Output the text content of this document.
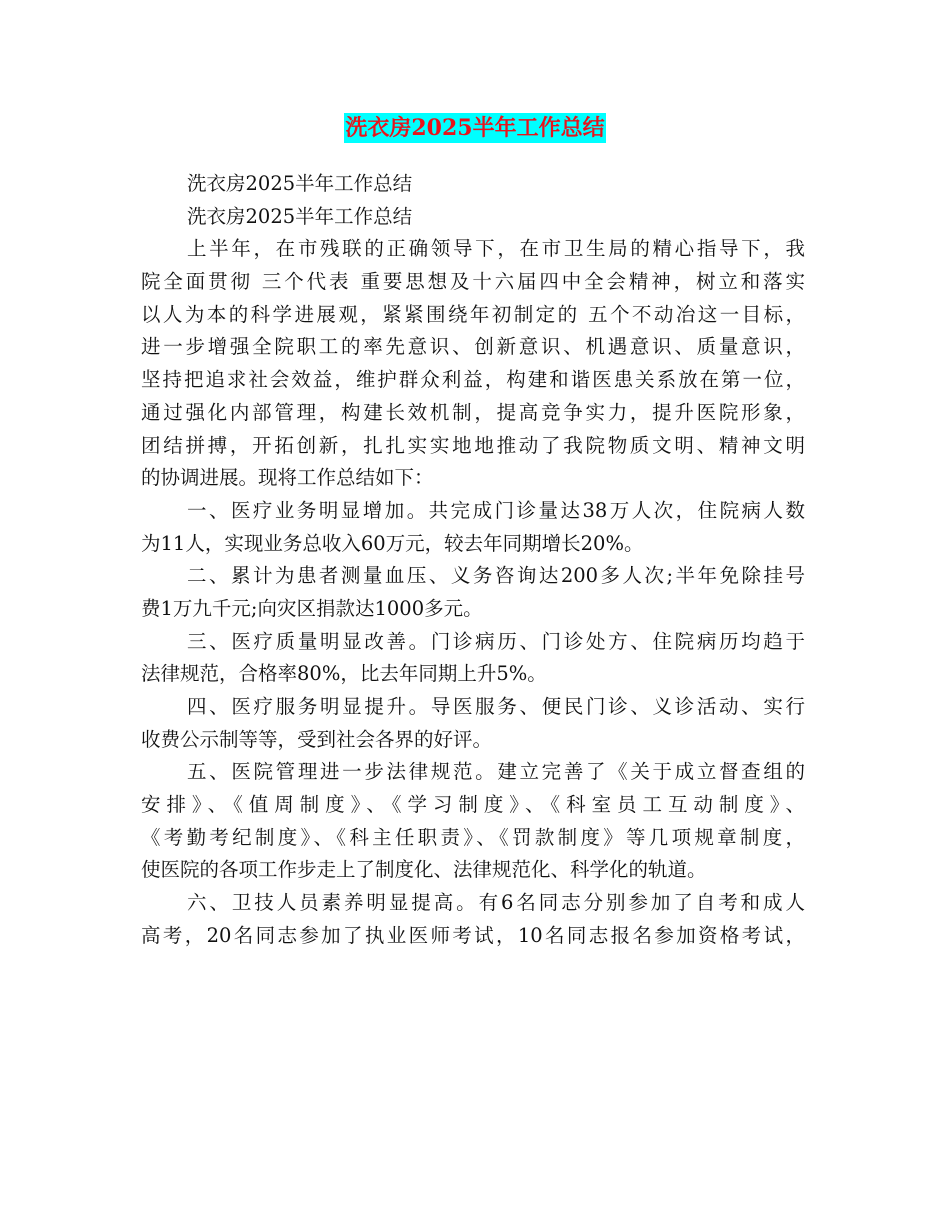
洗衣房2025半年工作总结
洗衣房2025半年工作总结
洗衣房2025半年工作总结
上半年，在市残联的正确领导下，在市卫生局的精心指导下，我
院全面贯彻 三个代表 重要思想及十六届四中全会精神，树立和落实
以人为本的科学进展观，紧紧围绕年初制定的 五个不动冶这一目标，
进一步增强全院职工的率先意识、创新意识、机遇意识、质量意识，
坚持把追求社会效益，维护群众利益，构建和谐医患关系放在第一位，
通过强化内部管理，构建长效机制，提高竞争实力，提升医院形象，
团结拼搏，开拓创新，扎扎实实地地推动了我院物质文明、精神文明
的协调进展。现将工作总结如下：
一、医疗业务明显增加。共完成门诊量达38万人次，住院病人数
为11人，实现业务总收入60万元，较去年同期增长20%。
二、累计为患者测量血压、义务咨询达200多人次;半年免除挂号
费1万九千元;向灾区捐款达1000多元。
三、医疗质量明显改善。门诊病历、门诊处方、住院病历均趋于
法律规范，合格率80%，比去年同期上升5%。
四、医疗服务明显提升。导医服务、便民门诊、义诊活动、实行
收费公示制等等，受到社会各界的好评。
五、医院管理进一步法律规范。建立完善了《关于成立督查组的
安排》、《值周制度》、《学习制度》、《科室员工互动制度》、
《考勤考纪制度》、《科主任职责》、《罚款制度》等几项规章制度，
使医院的各项工作步走上了制度化、法律规范化、科学化的轨道。
六、卫技人员素养明显提高。有6名同志分别参加了自考和成人
高考，20名同志参加了执业医师考试，10名同志报名参加资格考试，
